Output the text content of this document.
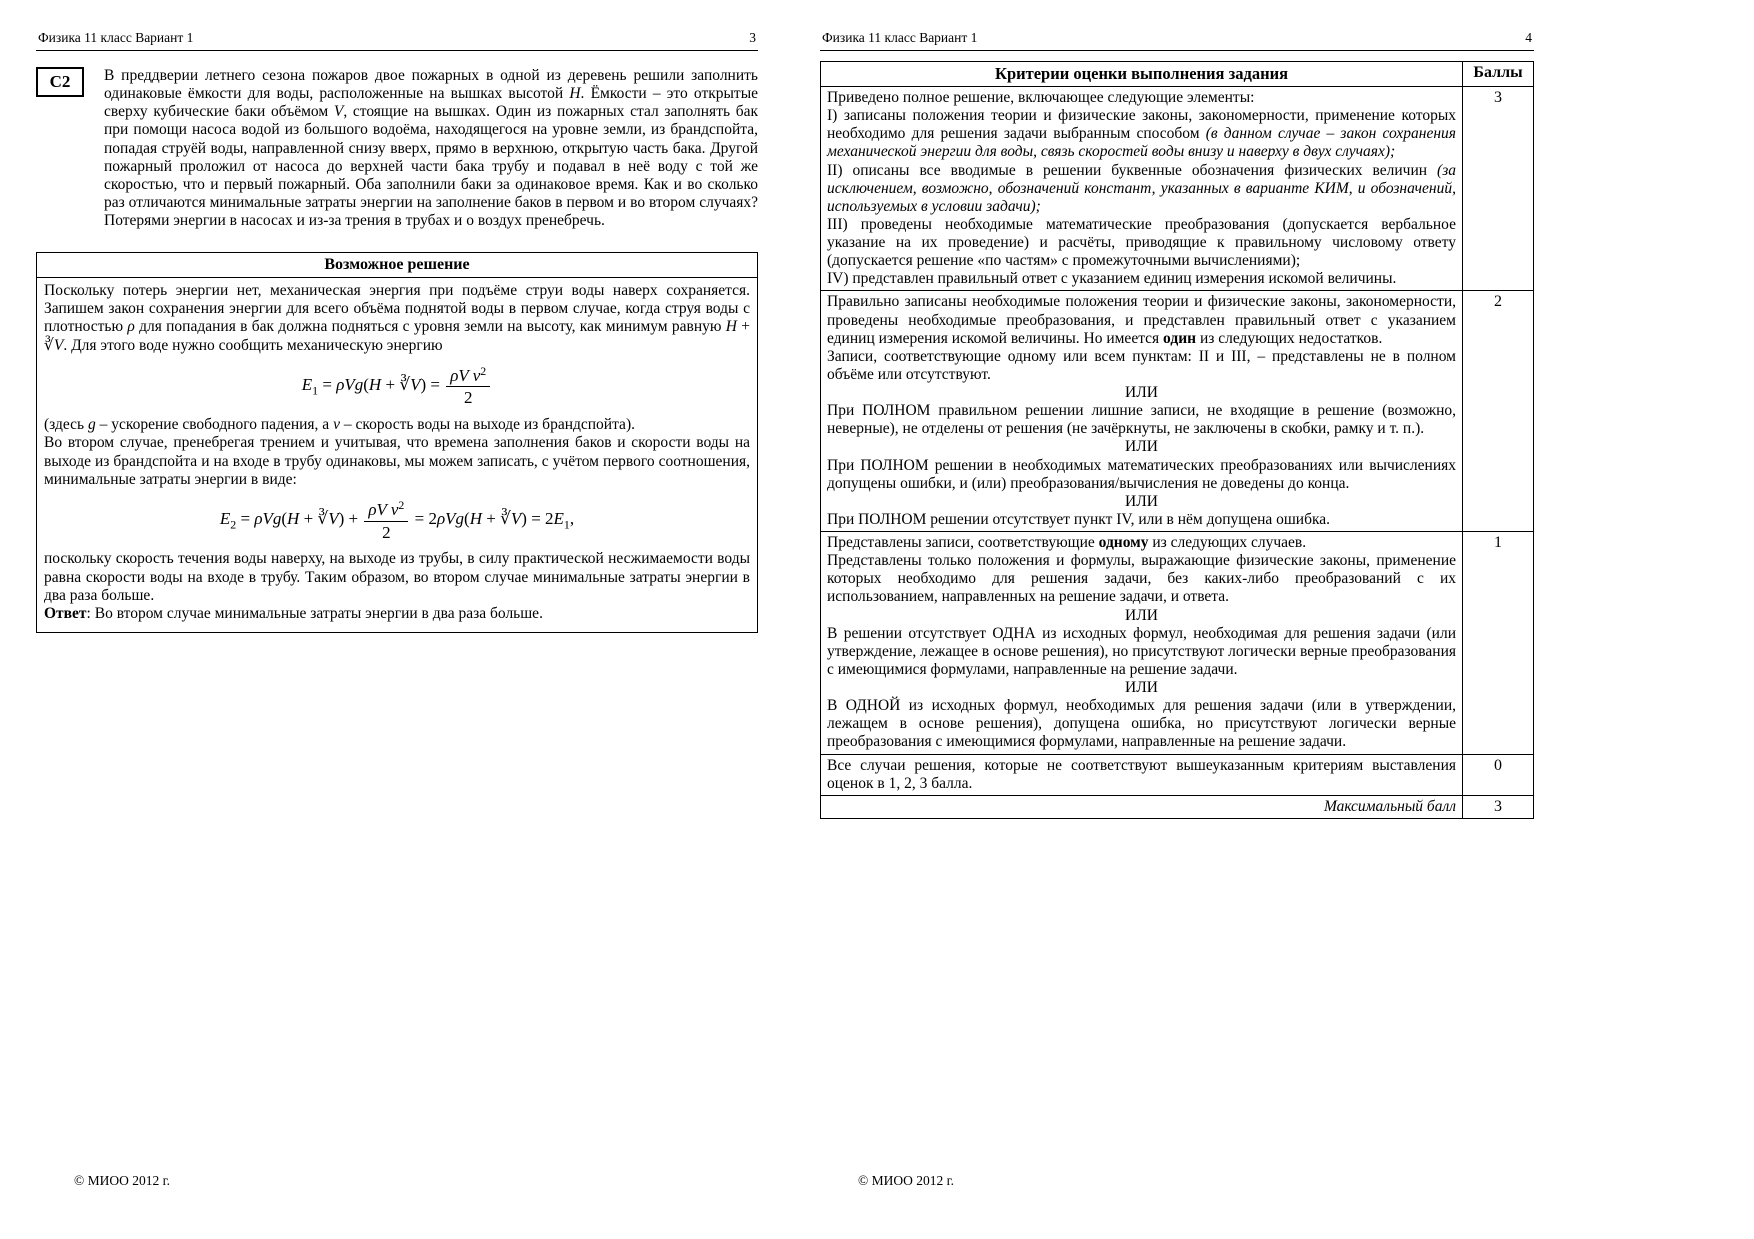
Физика 11 класс Вариант 1	3
С2	В преддверии летнего сезона пожаров двое пожарных в одной из деревень решили заполнить одинаковые ёмкости для воды, расположенные на вышках высотой H. Ёмкости – это открытые сверху кубические баки объёмом V, стоящие на вышках. Один из пожарных стал заполнять бак при помощи насоса водой из большого водоёма, находящегося на уровне земли, из брандспойта, попадая струёй воды, направленной снизу вверх, прямо в верхнюю, открытую часть бака. Другой пожарный проложил от насоса до верхней части бака трубу и подавал в неё воду с той же скоростью, что и первый пожарный. Оба заполнили баки за одинаковое время. Как и во сколько раз отличаются минимальные затраты энергии на заполнение баков в первом и во втором случаях? Потерями энергии в насосах и из-за трения в трубах и о воздух пренебречь.
Возможное решение
Поскольку потерь энергии нет, механическая энергия при подъёме струи воды наверх сохраняется. Запишем закон сохранения энергии для всего объёма поднятой воды в первом случае, когда струя воды с плотностью ρ для попадания в бак должна подняться с уровня земли на высоту, как минимум равную H + ∛V. Для этого воде нужно сообщить механическую энергию
$E_1 = \rho Vg(H$ + ∛V) = $\frac{\rho V v^2}{2}$
(здесь g – ускорение свободного падения, а v – скорость воды на выходе из брандспойта).
Во втором случае, пренебрегая трением и учитывая, что времена заполнения баков и скорости воды на выходе из брандспойта и на входе в трубу одинаковы, мы можем записать, с учётом первого соотношения, минимальные затраты энергии в виде:
$E_2 = \rho Vg(H$ + ∛V) + $\frac{\rho V v^2}{2} = 2\rho Vg(H$ + ∛V) = $2E_1$,
поскольку скорость течения воды наверху, на выходе из трубы, в силу практической несжимаемости воды равна скорости воды на входе в трубу. Таким образом, во втором случае минимальные затраты энергии в два раза больше.
Ответ: Во втором случае минимальные затраты энергии в два раза больше.
© МИОО 2012 г.
Физика 11 класс Вариант 1	4
Критерии оценки выполнения задания	Баллы

Приведено полное решение, включающее следующие элементы:
I) записаны положения теории и физические законы, закономерности, применение которых необходимо для решения задачи выбранным способом (в данном случае – закон сохранения механической энергии для воды, связь скоростей воды внизу и наверху в двух случаях);
II) описаны все вводимые в решении буквенные обозначения физических величин (за исключением, возможно, обозначений констант, указанных в варианте КИМ, и обозначений, используемых в условии задачи);
III) проведены необходимые математические преобразования (допускается вербальное указание на их проведение) и расчёты, приводящие к правильному числовому ответу (допускается решение «по частям» с промежуточными вычислениями);
IV) представлен правильный ответ с указанием единиц измерения искомой величины.	3

Правильно записаны необходимые положения теории и физические законы, закономерности, проведены необходимые преобразования, и представлен правильный ответ с указанием единиц измерения искомой величины. Но имеется один из следующих недостатков.
Записи, соответствующие одному или всем пунктам: II и III, – представлены не в полном объёме или отсутствуют.
ИЛИ
При ПОЛНОМ правильном решении лишние записи, не входящие в решение (возможно, неверные), не отделены от решения (не зачёркнуты, не заключены в скобки, рамку и т. п.).
ИЛИ
При ПОЛНОМ решении в необходимых математических преобразованиях или вычислениях допущены ошибки, и (или) преобразования/вычисления не доведены до конца.
ИЛИ
При ПОЛНОМ решении отсутствует пункт IV, или в нём допущена ошибка.
	2

Представлены записи, соответствующие одному из следующих случаев.
Представлены только положения и формулы, выражающие физические законы, применение которых необходимо для решения задачи, без каких-либо преобразований с их использованием, направленных на решение задачи, и ответа.
ИЛИ
В решении отсутствует ОДНА из исходных формул, необходимая для решения задачи (или утверждение, лежащее в основе решения), но присутствуют логически верные преобразования с имеющимися формулами, направленные на решение задачи.
ИЛИ
В ОДНОЙ из исходных формул, необходимых для решения задачи (или в утверждении, лежащем в основе решения), допущена ошибка, но присутствуют логически верные преобразования с имеющимися формулами, направленные на решение задачи.
	1

Все случаи решения, которые не соответствуют вышеуказанным критериям выставления оценок в 1, 2, 3 балла.	0
Максимальный балл	3
© МИОО 2012 г.
